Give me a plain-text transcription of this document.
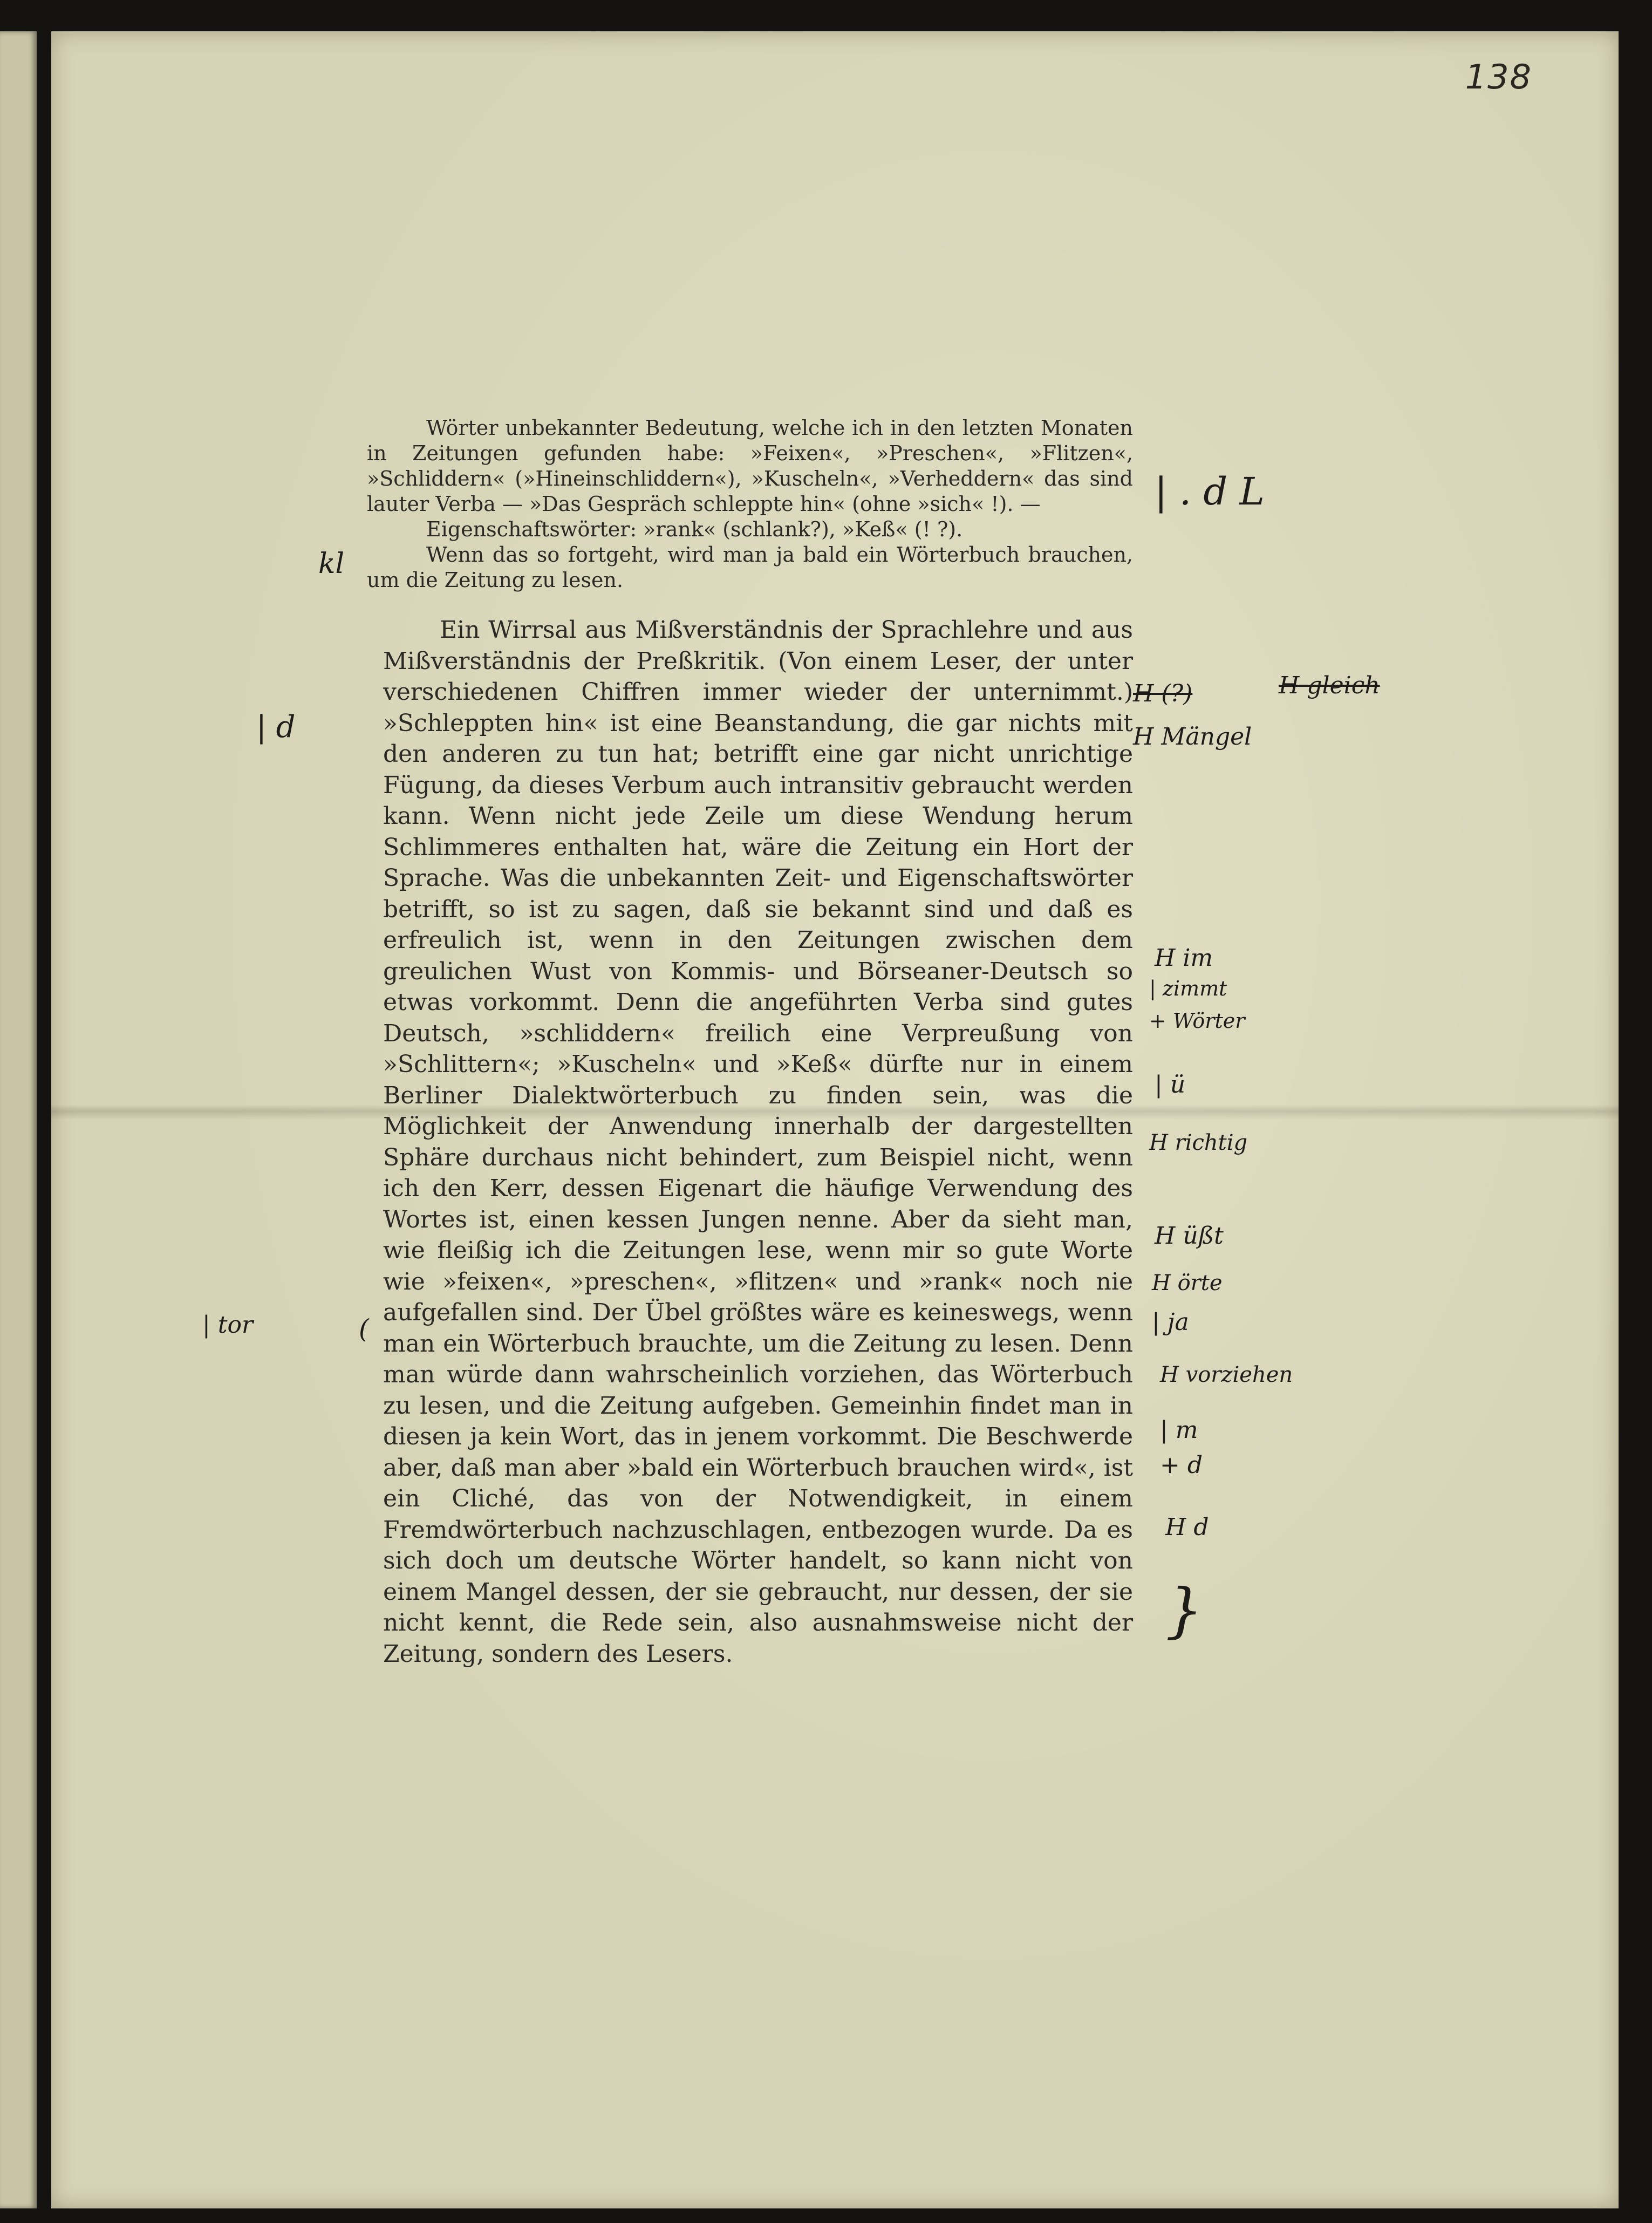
138

Wörter unbekannter Bedeutung, welche ich in den letzten Monaten in Zeitungen gefunden habe: »Feixen«, »Preschen«, »Flitzen«, »Schliddern« (»Hineinschliddern«), »Kuscheln«, »Verheddern« das sind lauter Verba — »Das Gespräch schleppte hin« (ohne »sich« !). —
Eigenschaftswörter: »rank« (schlank?), »Keß« (! ?).
Wenn das so fortgeht, wird man ja bald ein Wörterbuch brauchen, um die Zeitung zu lesen.

Ein Wirrsal aus Mißverständnis der Sprachlehre und aus Mißverständnis der Preßkritik. (Von einem Leser, der unter verschiedenen Chiffren immer wieder der unternimmt.) »Schleppten hin« ist eine Beanstandung, die gar nichts mit den anderen zu tun hat; betrifft eine gar nicht unrichtige Fügung, da dieses Verbum auch intransitiv gebraucht werden kann. Wenn nicht jede Zeile um diese Wendung herum Schlimmeres enthalten hat, wäre die Zeitung ein Hort der Sprache. Was die unbekannten Zeit- und Eigenschaftswörter betrifft, so ist zu sagen, daß sie bekannt sind und daß es erfreulich ist, wenn in den Zeitungen zwischen dem greulichen Wust von Kommis- und Börseaner-Deutsch so etwas vorkommt. Denn die angeführten Verba sind gutes Deutsch, »schliddern« freilich eine Verpreußung von »Schlittern«; »Kuscheln« und »Keß« dürfte nur in einem Berliner Dialektwörterbuch zu finden sein, was die Möglichkeit der Anwendung innerhalb der dargestellten Sphäre durchaus nicht behindert, zum Beispiel nicht, wenn ich den Kerr, dessen Eigenart die häufige Verwendung des Wortes ist, einen kessen Jungen nenne. Aber da sieht man, wie fleißig ich die Zeitungen lese, wenn mir so gute Worte wie »feixen«, »preschen«, »flitzen« und »rank« noch nie aufgefallen sind. Der Übel größtes wäre es keineswegs, wenn man ein Wörterbuch brauchte, um die Zeitung zu lesen. Denn man würde dann wahrscheinlich vorziehen, das Wörterbuch zu lesen, und die Zeitung aufgeben. Gemeinhin findet man in diesen ja kein Wort, das in jenem vorkommt. Die Beschwerde aber, daß man aber »bald ein Wörterbuch brauchen wird«, ist ein Cliché, das von der Notwendigkeit, in einem Fremdwörterbuch nachzuschlagen, entbezogen wurde. Da es sich doch um deutsche Wörter handelt, so kann nicht von einem Mangel dessen, der sie gebraucht, nur dessen, der sie nicht kennt, die Rede sein, also ausnahmsweise nicht der Zeitung, sondern des Lesers.

| . d L
H (?)	H gleich
H Mängel
H im
| zimmt
+ Wörter
| ü
H richtig
H üßt
H örte
| ja
H vorziehen
| m
+ d
H d
}
kl
| d
| tor	(
